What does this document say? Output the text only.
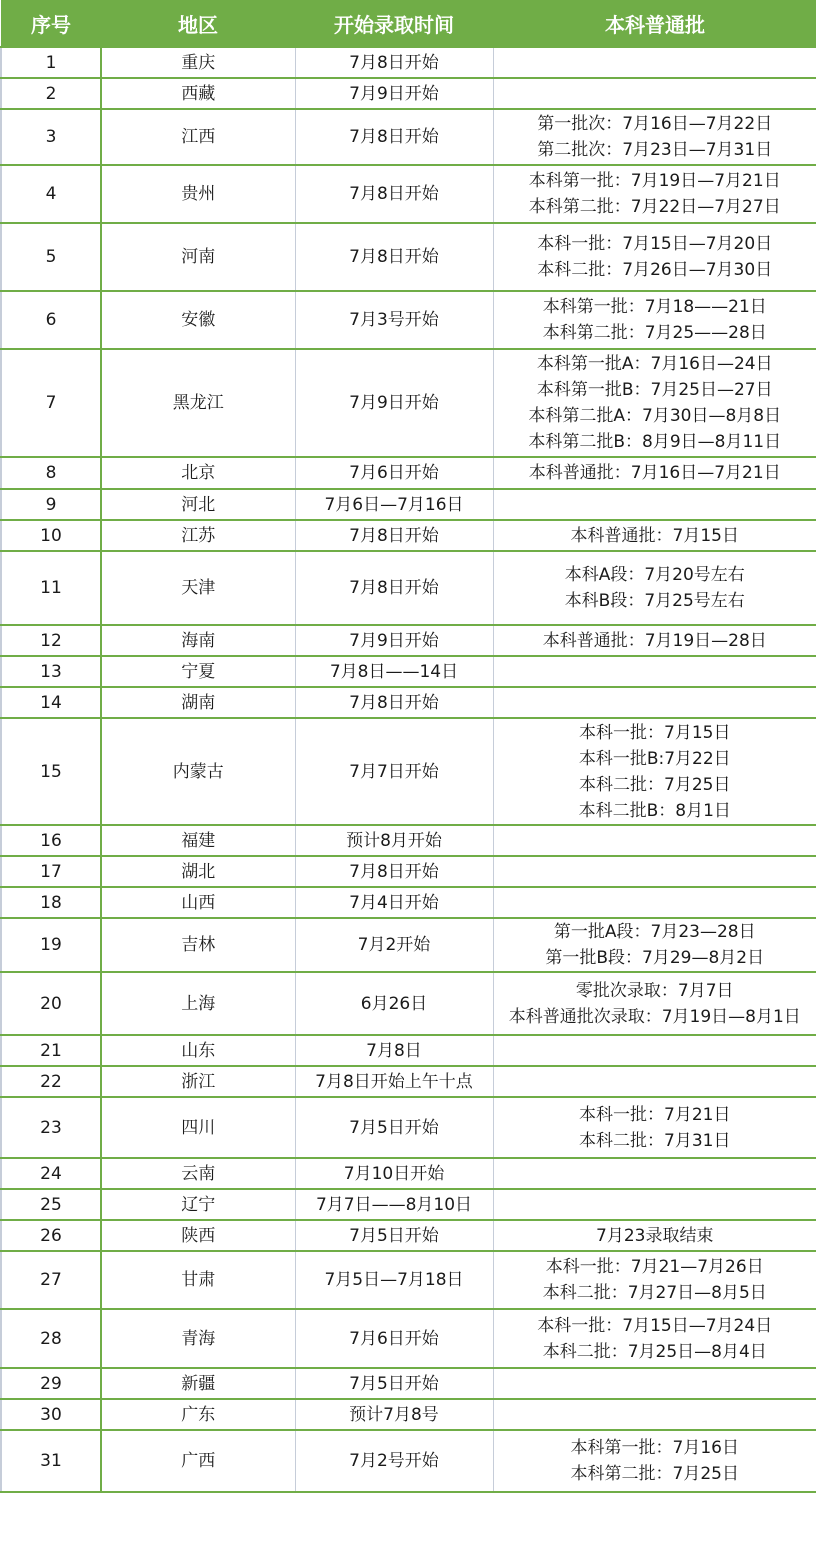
序号	地区	开始录取时间	本科普通批
1	重庆	7月8日开始	
2	西藏	7月9日开始	
3	江西	7月8日开始	第一批次：7月16日—7月22日
第二批次：7月23日—7月31日

4	贵州	7月8日开始	本科第一批：7月19日—7月21日
本科第二批：7月22日—7月27日

5	河南	7月8日开始	本科一批：7月15日—7月20日
本科二批：7月26日—7月30日

6	安徽	7月3号开始	本科第一批：7月18——21日
本科第二批：7月25——28日

7	黑龙江	7月9日开始	本科第一批A：7月16日—24日
本科第一批B：7月25日—27日
本科第二批A：7月30日—8月8日
本科第二批B：8月9日—8月11日

8	北京	7月6日开始	本科普通批：7月16日—7月21日

9	河北	7月6日—7月16日	
10	江苏	7月8日开始	本科普通批：7月15日

11	天津	7月8日开始	本科A段：7月20号左右
本科B段：7月25号左右

12	海南	7月9日开始	本科普通批：7月19日—28日

13	宁夏	7月8日——14日	
14	湖南	7月8日开始	
15	内蒙古	7月7日开始	本科一批：7月15日
本科一批B:7月22日
本科二批：7月25日
本科二批B：8月1日

16	福建	预计8月开始	
17	湖北	7月8日开始	
18	山西	7月4日开始	
19	吉林	7月2开始	第一批A段：7月23—28日
第一批B段：7月29—8月2日

20	上海	6月26日	零批次录取：7月7日
本科普通批次录取：7月19日—8月1日

21	山东	7月8日	
22	浙江	7月8日开始上午十点	
23	四川	7月5日开始	本科一批：7月21日
本科二批：7月31日

24	云南	7月10日开始	
25	辽宁	7月7日——8月10日	
26	陕西	7月5日开始	7月23录取结束

27	甘肃	7月5日—7月18日	本科一批：7月21—7月26日
本科二批：7月27日—8月5日

28	青海	7月6日开始	本科一批：7月15日—7月24日
本科二批：7月25日—8月4日

29	新疆	7月5日开始	
30	广东	预计7月8号	
31	广西	7月2号开始	本科第一批：7月16日
本科第二批：7月25日
